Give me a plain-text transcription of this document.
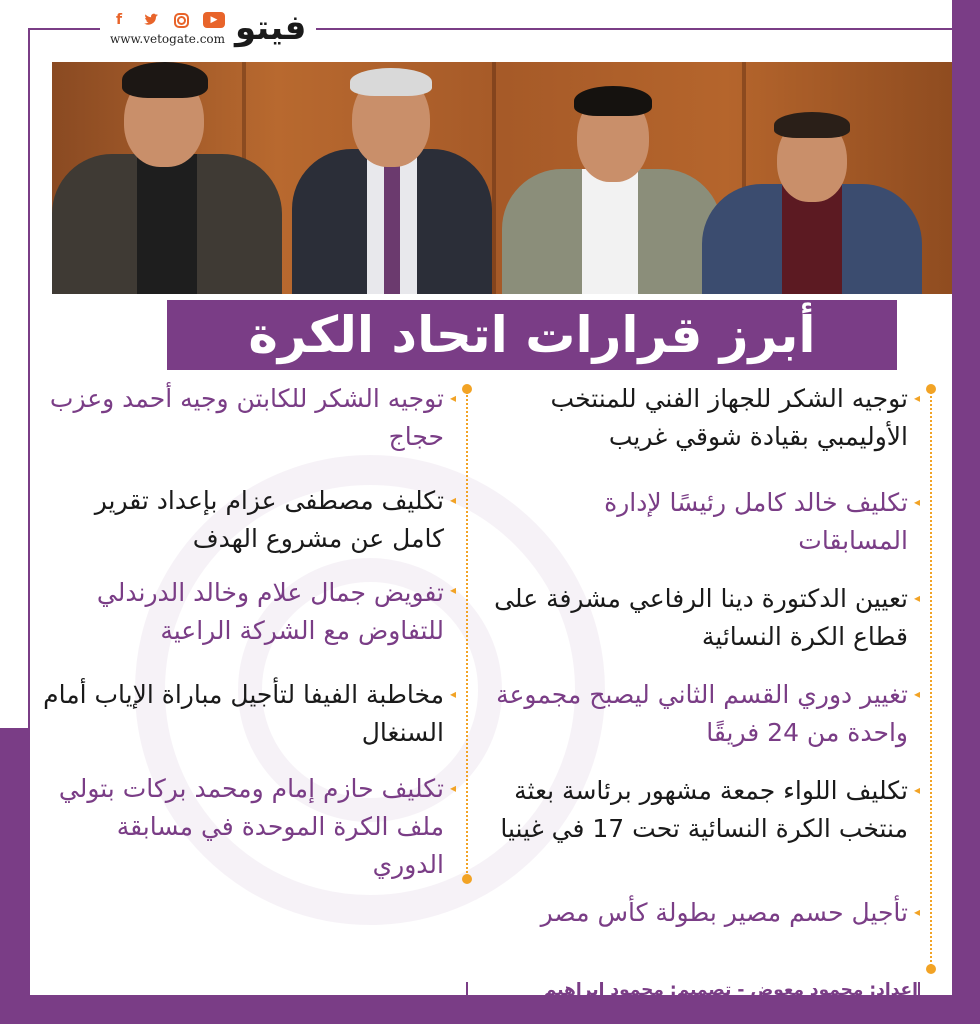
f	▶
www.vetogate.com فيتو
أبرز قرارات اتحاد الكرة
◂
◂
◂
◂
◂
◂
◂
◂
◂
◂
◂
توجيه الشكر للجهاز الفني للمنتخب الأوليمبي بقيادة شوقي غريب
تكليف خالد كامل رئيسًا لإدارة المسابقات
تعيين الدكتورة دينا الرفاعي مشرفة على قطاع الكرة النسائية
تغيير دوري القسم الثاني ليصبح مجموعة واحدة من 24 فريقًا
تكليف اللواء جمعة مشهور برئاسة بعثة منتخب الكرة النسائية تحت 17 في غينيا
تأجيل حسم مصير بطولة كأس مصر
توجيه الشكر للكابتن وجيه أحمد وعزب حجاج
تكليف مصطفى عزام بإعداد تقرير كامل عن مشروع الهدف
تفويض جمال علام وخالد الدرندلي للتفاوض مع الشركة الراعية
مخاطبة الفيفا لتأجيل مباراة الإياب أمام السنغال
تكليف حازم إمام ومحمد بركات بتولي ملف الكرة الموحدة في مسابقة الدوري
إعداد: محمود معوض - تصميم: محمود إبراهيم
